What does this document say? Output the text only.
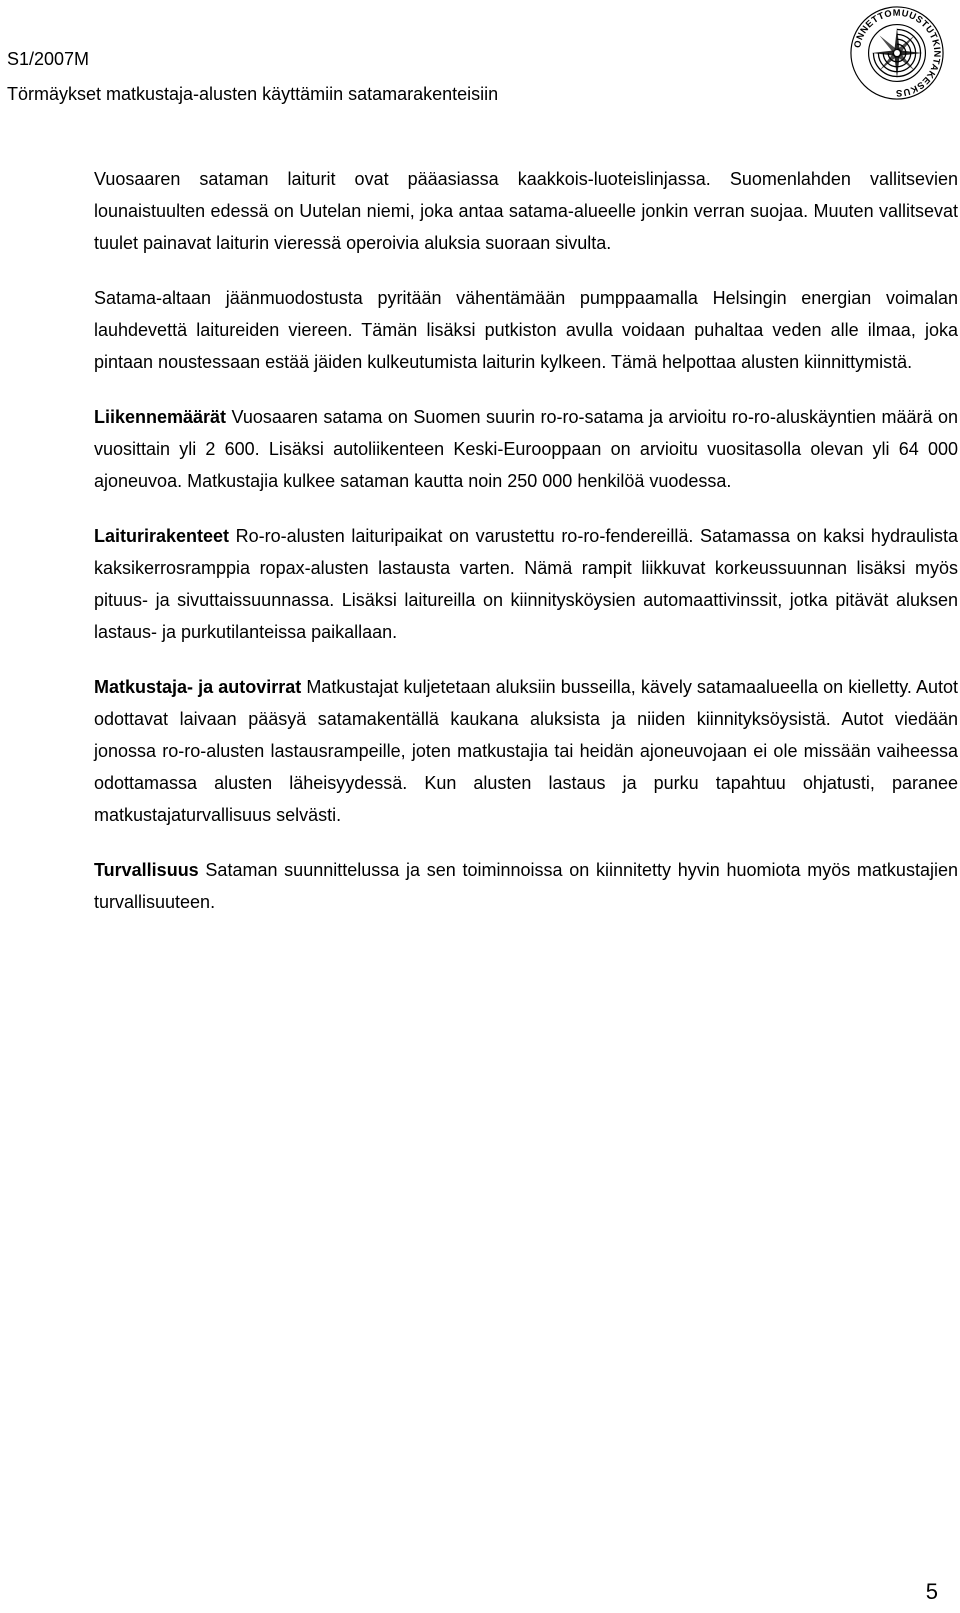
S1/2007M
Törmäykset matkustaja-alusten käyttämiin satamarakenteisiin
ONNETTOMUUSTUTKINTAKESKUS

Vuosaaren sataman laiturit ovat pääasiassa kaakkois-luoteislinjassa. Suomenlahden vallitsevien lounaistuulten edessä on Uutelan niemi, joka antaa satama-alueelle jonkin verran suojaa. Muuten vallitsevat tuulet painavat laiturin vieressä operoivia aluksia suoraan sivulta.

Satama-altaan jäänmuodostusta pyritään vähentämään pumppaamalla Helsingin energian voimalan lauhdevettä laitureiden viereen. Tämän lisäksi putkiston avulla voidaan puhaltaa veden alle ilmaa, joka pintaan noustessaan estää jäiden kulkeutumista laiturin kylkeen. Tämä helpottaa alusten kiinnittymistä.

Liikennemäärät Vuosaaren satama on Suomen suurin ro-ro-satama ja arvioitu ro-ro-aluskäyntien määrä on vuosittain yli 2 600. Lisäksi autoliikenteen Keski-Eurooppaan on arvioitu vuositasolla olevan yli 64 000 ajoneuvoa. Matkustajia kulkee sataman kautta noin 250 000 henkilöä vuodessa.

Laiturirakenteet Ro-ro-alusten laituripaikat on varustettu ro-ro-fendereillä. Satamassa on kaksi hydraulista kaksikerrosramppia ropax-alusten lastausta varten. Nämä rampit liikkuvat korkeussuunnan lisäksi myös pituus- ja sivuttaissuunnassa. Lisäksi laitureilla on kiinnitysköysien automaattivinssit, jotka pitävät aluksen lastaus- ja purkutilanteissa paikallaan.

Matkustaja- ja autovirrat Matkustajat kuljetetaan aluksiin busseilla, kävely satamaalueella on kielletty. Autot odottavat laivaan pääsyä satamakentällä kaukana aluksista ja niiden kiinnityksöysistä. Autot viedään jonossa ro-ro-alusten lastausrampeille, joten matkustajia tai heidän ajoneuvojaan ei ole missään vaiheessa odottamassa alusten läheisyydessä. Kun alusten lastaus ja purku tapahtuu ohjatusti, paranee matkustajaturvallisuus selvästi.

Turvallisuus Sataman suunnittelussa ja sen toiminnoissa on kiinnitetty hyvin huomiota myös matkustajien turvallisuuteen.

5
